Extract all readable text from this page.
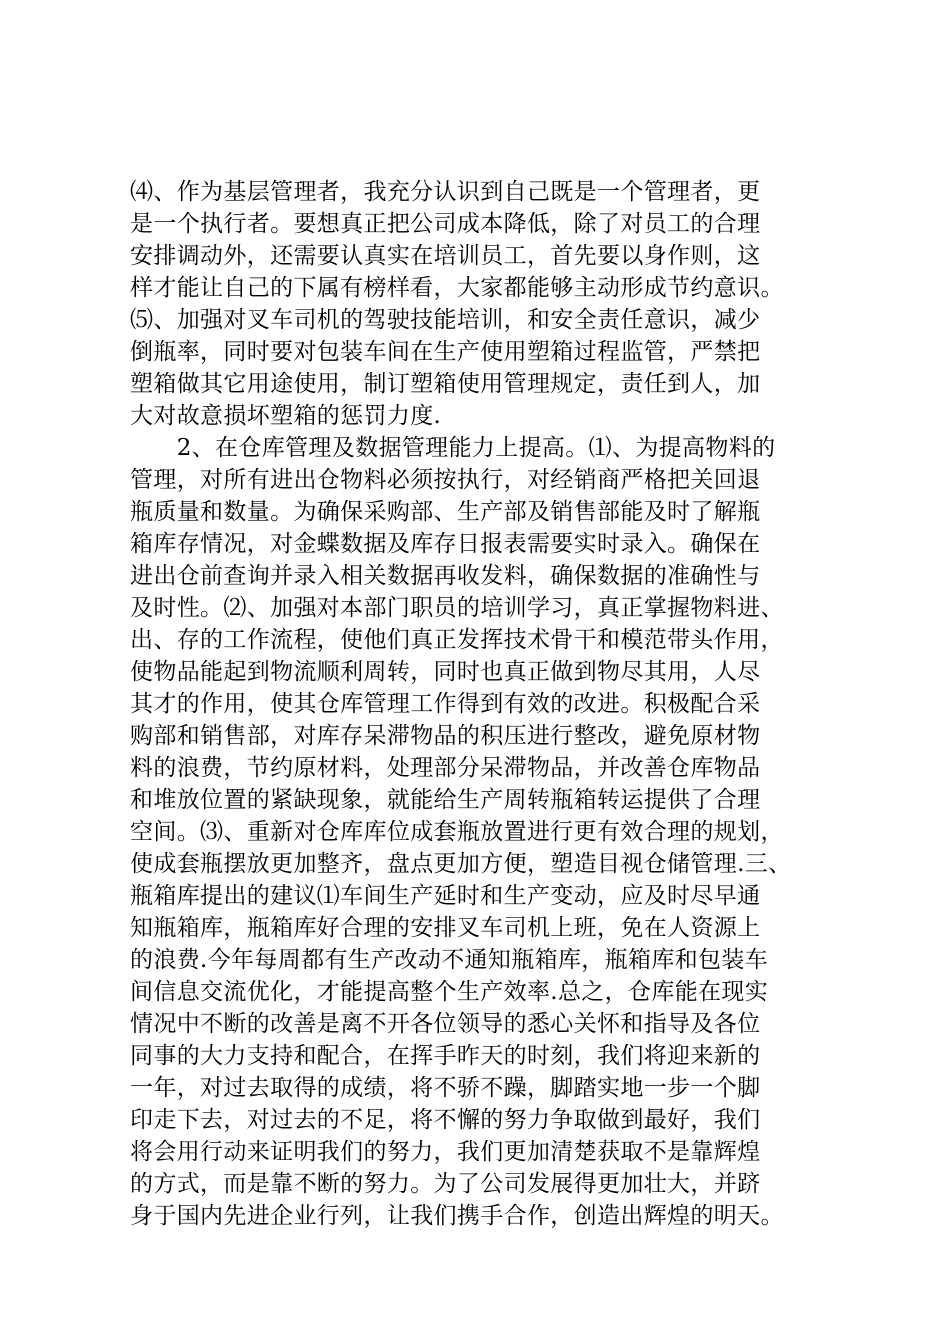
⑷、作为基层管理者，我充分认识到自己既是一个管理者，更
是一个执行者。要想真正把公司成本降低，除了对员工的合理
安排调动外，还需要认真实在培训员工，首先要以身作则，这
样才能让自己的下属有榜样看，大家都能够主动形成节约意识。
⑸、加强对叉车司机的驾驶技能培训，和安全责任意识，减少
倒瓶率，同时要对包装车间在生产使用塑箱过程监管，严禁把
塑箱做其它用途使用，制订塑箱使用管理规定，责任到人，加
大对故意损坏塑箱的惩罚力度.
　　2、在仓库管理及数据管理能力上提高。⑴、为提高物料的
管理，对所有进出仓物料必须按执行，对经销商严格把关回退
瓶质量和数量。为确保采购部、生产部及销售部能及时了解瓶
箱库存情况，对金蝶数据及库存日报表需要实时录入。确保在
进出仓前查询并录入相关数据再收发料，确保数据的准确性与
及时性。⑵、加强对本部门职员的培训学习，真正掌握物料进、
出、存的工作流程，使他们真正发挥技术骨干和模范带头作用，
使物品能起到物流顺利周转，同时也真正做到物尽其用，人尽
其才的作用，使其仓库管理工作得到有效的改进。积极配合采
购部和销售部，对库存呆滞物品的积压进行整改，避免原材物
料的浪费，节约原材料，处理部分呆滞物品，并改善仓库物品
和堆放位置的紧缺现象，就能给生产周转瓶箱转运提供了合理
空间。⑶、重新对仓库库位成套瓶放置进行更有效合理的规划，
使成套瓶摆放更加整齐，盘点更加方便，塑造目视仓储管理.三、
瓶箱库提出的建议⑴车间生产延时和生产变动，应及时尽早通
知瓶箱库，瓶箱库好合理的安排叉车司机上班，免在人资源上
的浪费.今年每周都有生产改动不通知瓶箱库，瓶箱库和包装车
间信息交流优化，才能提高整个生产效率.总之，仓库能在现实
情况中不断的改善是离不开各位领导的悉心关怀和指导及各位
同事的大力支持和配合，在挥手昨天的时刻，我们将迎来新的
一年，对过去取得的成绩，将不骄不躁，脚踏实地一步一个脚
印走下去，对过去的不足，将不懈的努力争取做到最好，我们
将会用行动来证明我们的努力，我们更加清楚获取不是靠辉煌
的方式，而是靠不断的努力。为了公司发展得更加壮大，并跻
身于国内先进企业行列，让我们携手合作，创造出辉煌的明天。
